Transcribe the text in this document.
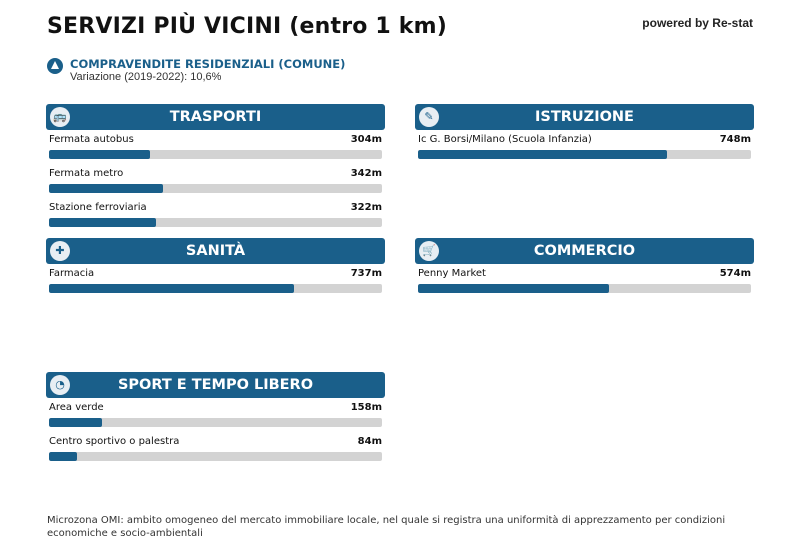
SERVIZI PIÙ VICINI (entro 1 km)	powered by Re-stat
COMPRAVENDITE RESIDENZIALI (COMUNE)
Variazione (2019-2022): 10,6%
🚌	TRASPORTI
Fermata autobus	304m
Fermata metro	342m
Stazione ferroviaria	322m
✎	ISTRUZIONE
Ic G. Borsi/Milano (Scuola Infanzia)	748m
✚	SANITÀ
Farmacia	737m
🛒	COMMERCIO
Penny Market	574m
◔	SPORT E TEMPO LIBERO
Area verde	158m
Centro sportivo o palestra	84m
Microzona OMI: ambito omogeneo del mercato immobiliare locale, nel quale si registra una uniformità di apprezzamento per condizioni economiche e socio-ambientali
